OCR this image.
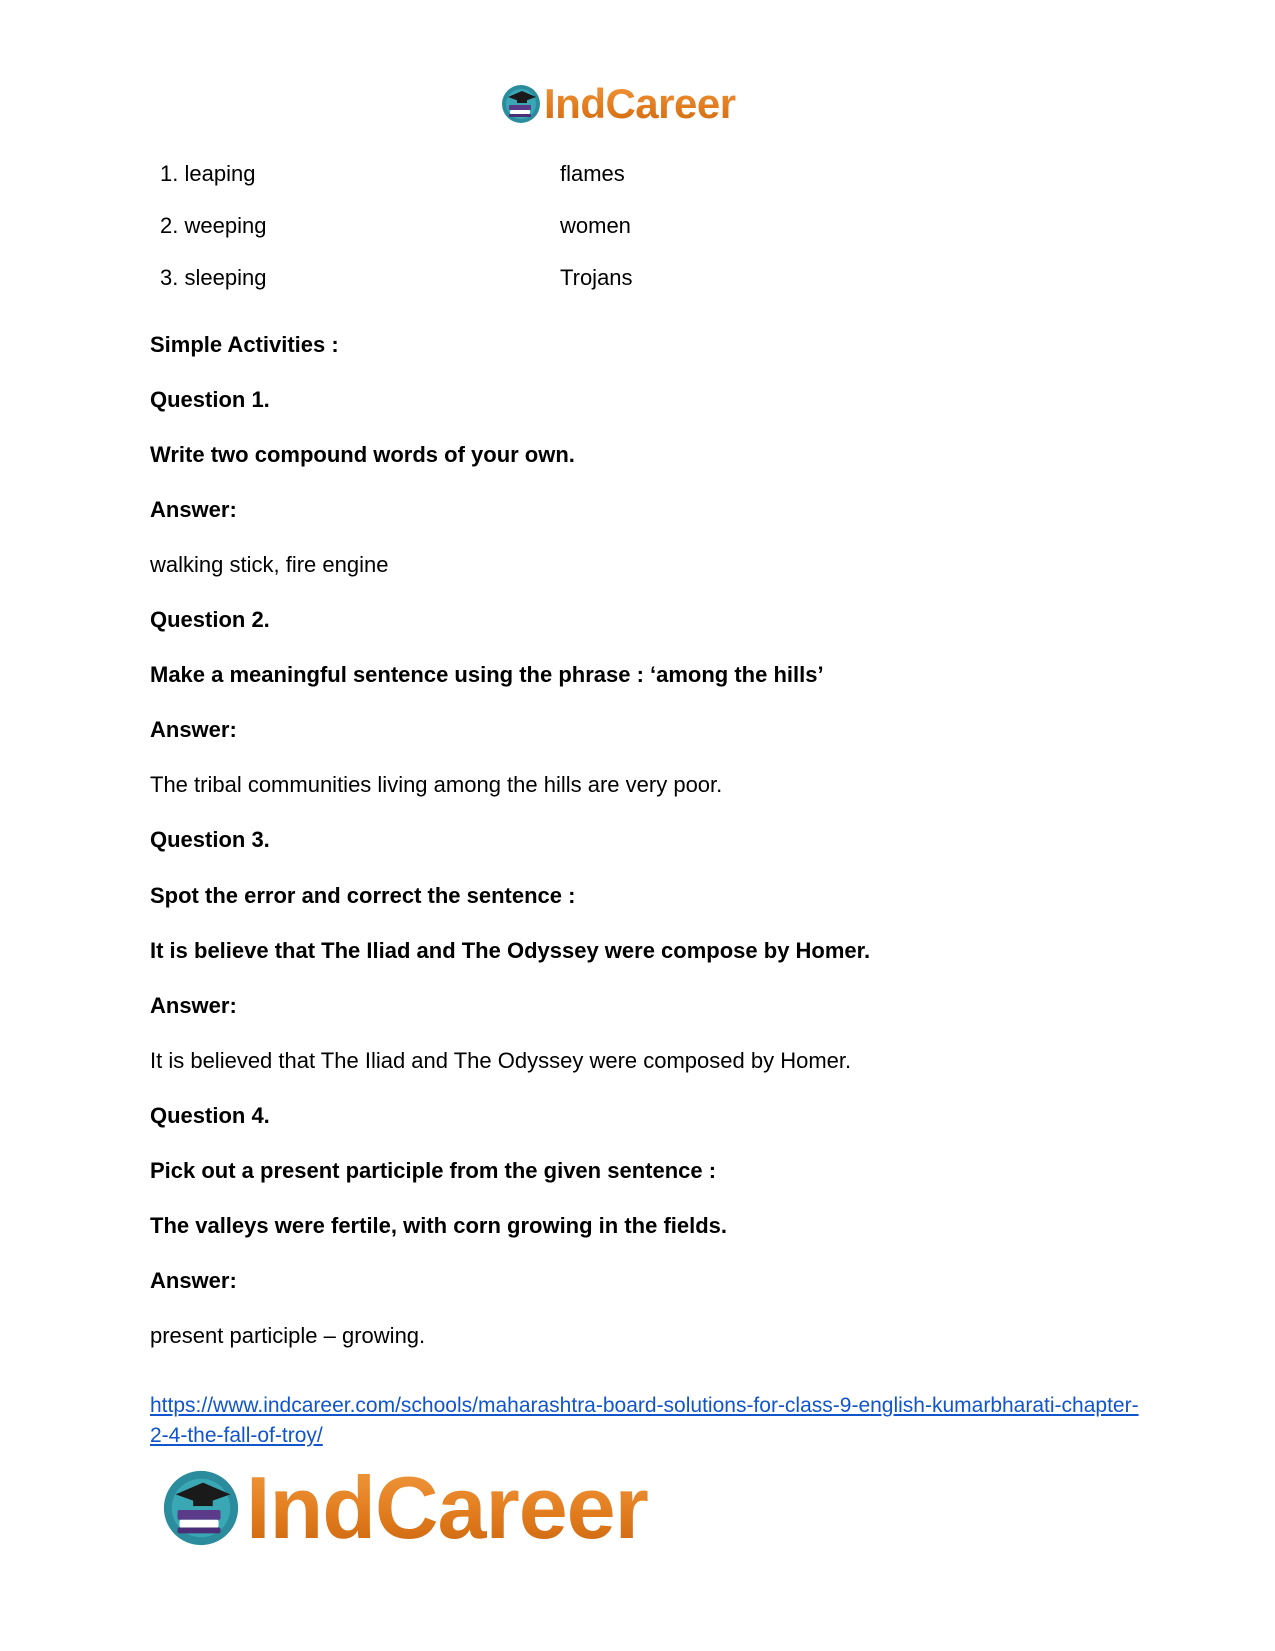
IndCareer
1. leaping	flames
2. weeping	women
3. sleeping	Trojans
Simple Activities :
Question 1.
Write two compound words of your own.
Answer:
walking stick, fire engine
Question 2.
Make a meaningful sentence using the phrase : ‘among the hills’
Answer:
The tribal communities living among the hills are very poor.
Question 3.
Spot the error and correct the sentence :
It is believe that The Iliad and The Odyssey were compose by Homer.
Answer:
It is believed that The Iliad and The Odyssey were composed by Homer.
Question 4.
Pick out a present participle from the given sentence :
The valleys were fertile, with corn growing in the fields.
Answer:
present participle – growing.
https://www.indcareer.com/schools/maharashtra-board-solutions-for-class-9-english-kumarbharati-chapter-2-4-the-fall-of-troy/
IndCareer
